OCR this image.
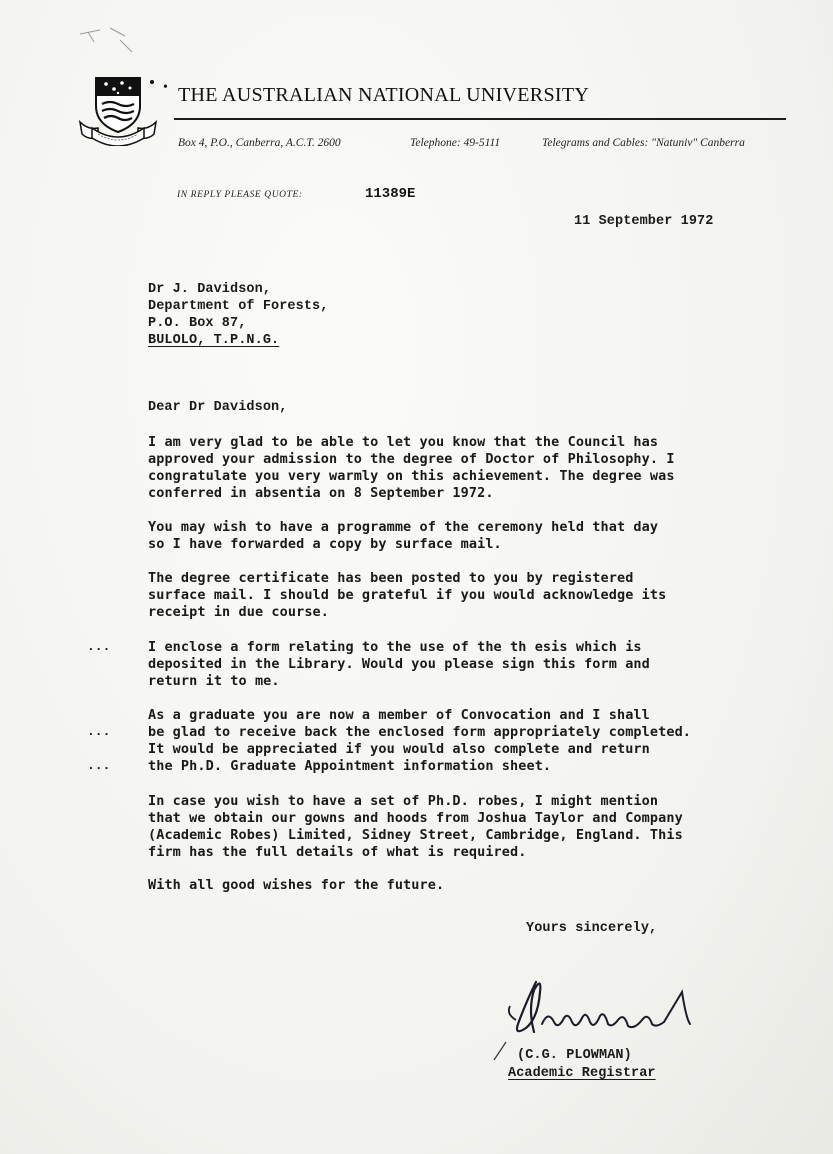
• THE AUSTRALIAN NATIONAL UNIVERSITY
Box 4, P.O., Canberra, A.C.T. 2600	Telephone: 49-5111	Telegrams and Cables: "Natuniv" Canberra
IN REPLY PLEASE QUOTE:	11389E
11 September 1972
Dr J. Davidson,
Department of Forests,
P.O. Box 87,
BULOLO, T.P.N.G.
Dear Dr Davidson,
I am very glad to be able to let you know that the Council has
approved your admission to the degree of Doctor of Philosophy. I
congratulate you very warmly on this achievement. The degree was
conferred in absentia on 8 September 1972.
You may wish to have a programme of the ceremony held that day
so I have forwarded a copy by surface mail.
The degree certificate has been posted to you by registered
surface mail. I should be grateful if you would acknowledge its
receipt in due course.
...	I enclose a form relating to the use of the th esis which is
deposited in the Library. Would you please sign this form and
return it to me.
As a graduate you are now a member of Convocation and I shall
...	be glad to receive back the enclosed form appropriately completed.
It would be appreciated if you would also complete and return
...	the Ph.D. Graduate Appointment information sheet.
In case you wish to have a set of Ph.D. robes, I might mention
that we obtain our gowns and hoods from Joshua Taylor and Company
(Academic Robes) Limited, Sidney Street, Cambridge, England. This
firm has the full details of what is required.
With all good wishes for the future.
Yours sincerely,
(C.G. PLOWMAN)
Academic Registrar
